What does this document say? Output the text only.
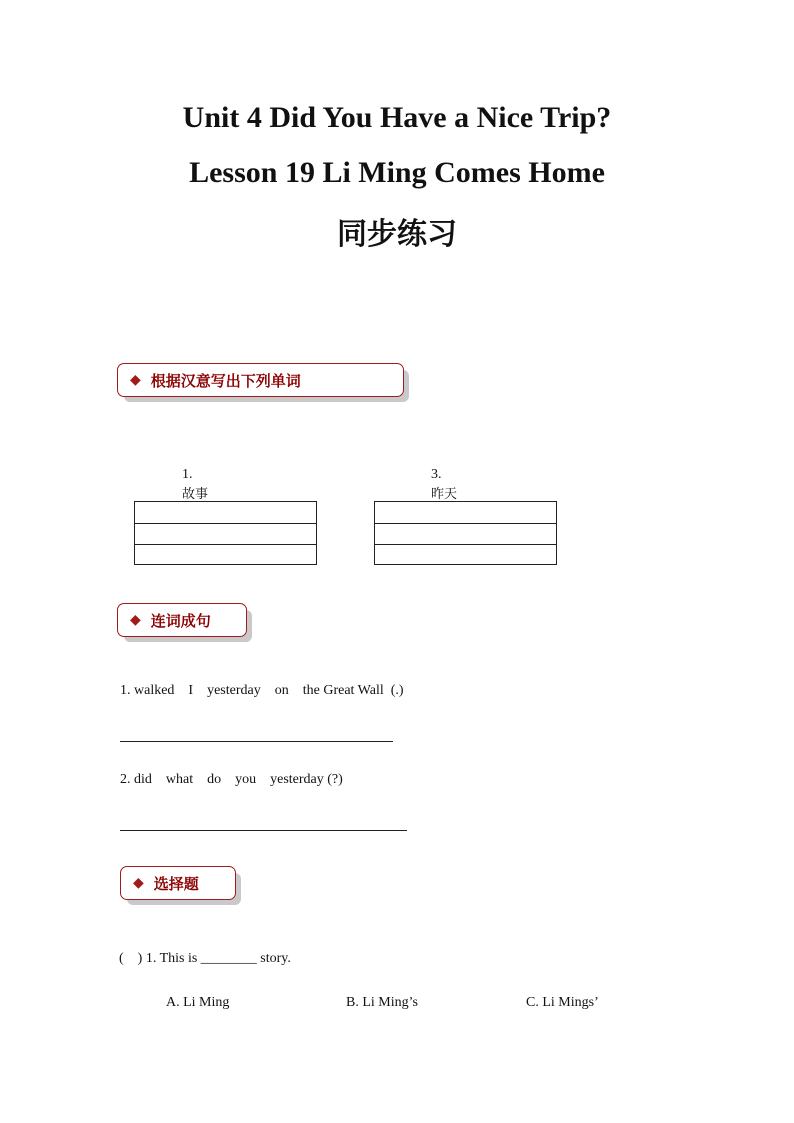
Unit 4 Did You Have a Nice Trip?
Lesson 19 Li Ming Comes Home
同步练习
◆ 根据汉意写出下列单词

1.
故事

3.
昨天

◆ 连词成句
1. walked    I    yesterday    on    the Great Wall  (.)
2. did    what    do    you    yesterday (?)
◆ 选择题
(    ) 1. This is ________ story.
A. Li Ming	B. Li Ming’s	C. Li Mings’
